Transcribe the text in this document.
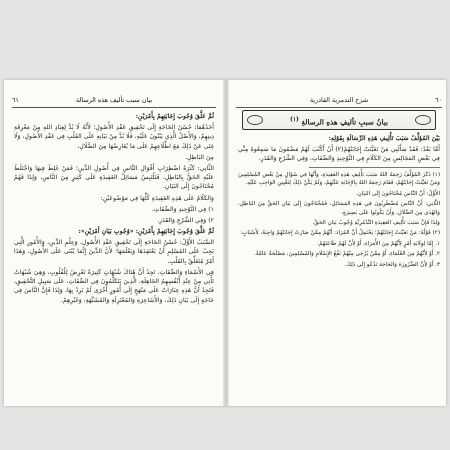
بيان سبب تأليف هذه الرسالة
٦١

ثُمَّ عَلَّقَ وُجُوبَ إِجَابَتِهِمْ بِأَمْرَيْنِ:

أَحَدُهُمَا: حُسْنُ الحَاجَةِ إِلَى تَحْقِيقِ عَقْدِ الأُصُولِ؛ لأَنَّهُ لَا بُدَّ لِعِبَادِ اللهِ مِنْ مَعْرِفَةِ دِينِهِمْ، وَالأَصْلُ الَّذِي يَبْنُونَ عَلَيْهِ، فَلَا بُدَّ مِنْ بَيَانِهِ عَلَى القَلْبِ فِي عَقْدِ الأُصُولِ، وَلَا غِنَى عَنْ ذَلِكَ مَعَ اطِّلَاعِهِمْ عَلَى مَا يُعَارِضُهَا مِنَ الضَّلَالِ،

مِنَ البَاطِلِ.

الثَّانِي: كَثْرَةُ اضْطِرَابِ أَقْوَالِ النَّاسِ فِي أُصُولِ الدِّينِ؛ فَمَنْ غَلِطَ فِيهَا وَاخْتَلَطَ عَلَيْهِ الحَقُّ بِالبَاطِلِ، فَتَلْتَبِسُ مَسَائِلُ العَقِيدَةِ عَلَى كَثِيرٍ مِنَ النَّاسِ، وَلِذَا فَهُمْ مُحْتَاجُونَ إِلَى البَيَانِ.

وَالكَلَامُ عَلَى هَذِهِ العَقِيدَةِ كُلِّهَا فِي مَوْضُوعَيْنِ:

١) فِي التَّوْحِيدِ وَالصِّفَاتِ.

٢) وَفِي الشَّرْعِ وَالقَدَرِ.

ثُمَّ عَلَّقَ وُجُوبَ إِجَابَتِهِمْ بِأَمْرَيْنِ: «وُجُوبِ بَيَانِ أَمْرَيْنِ»:

السَّبَبُ الأَوَّلُ: حُسْنُ الحَاجَةِ إِلَى تَحْقِيقِ عَقْدِ الأُصُولِ، وَعِلْمِ الدِّينِ، وَالأُمُورِ الَّتِي يَجِبُ عَلَى المُسْلِمِ أَنْ يَعْتَقِدَهَا وَيَعْلَمَهَا؛ لأَنَّ الدِّينَ إِنَّمَا يُبْنَى عَلَى الأُصُولِ، وَهَذَا أَمْرٌ مُتَعَلِّقٌ بِالقَلْبِ.

فِي الأَسْمَاءِ وَالصِّفَاتِ، تَجِدُ أَنَّ هُنَاكَ شُبُهَاتٍ كَثِيرَةً تَعْرِضُ لِلْقُلُوبِ، وَهِيَ شُبُهَاتٌ تَأْتِي مِنْ عِنْدِ أَنْفُسِهِمُ الجَاهِلَةِ، الَّذِينَ يَتَكَلَّمُونَ فِي الصِّفَاتِ، عَلَى سَبِيلِ التَّحْقِيقِ، فَتَجِدُ أَنَّ هَذِهِ عِبَارَاتٌ عَلَى مَنْهَجٍ إِلَى أُمُورٍ أُخْرَى لَمْ يَرِدْ بِهَا، وَلِذَا فَإِنَّ النَّاسَ فِي حَاجَةٍ إِلَى بَيَانِ ذَلِكَ، وَالأَشَاعِرَةِ وَالمُعْتَزِلَةِ وَالمُشَبِّهَةِ، وَغَيْرِهِمْ.

شرح التدمرية القادرية	٦٠
بيانُ سببِ تأليفِ هذهِ الرسالةِ $^{(١)}$

بَيْنَ المُؤَلِّفُ سَبَبَ تَأْلِيفِ هَذِهِ الرِّسَالَةِ بِقَوْلِهِ:

أَمَّا بَعْدُ: فَقَدْ سَأَلَنِي مَنْ تَعَيَّنَتْ إِجَابَتُهُمْ(٢) أَنْ أَكْتُبَ لَهُمْ مَضْمُونَ مَا سَمِعُوهُ مِنِّي فِي بَعْضِ المَجَالِسِ مِنَ الكَلَامِ فِي التَّوْحِيدِ وَالصِّفَاتِ، وَفِي الشَّرْعِ وَالقَدَرِ.

(١) ذَكَرَ المُؤَلِّفُ رَحِمَهُ اللهُ سَبَبَ تَأْلِيفِ هَذِهِ العَقِيدَةِ، وَأَنَّهَا فِي سُؤَالٍ مِنْ بَعْضِ المُسْلِمِينَ وَمَنْ تَعَيَّنَتْ إِجَابَتُهُمْ، فَقَامَ رَحِمَهُ اللهُ بِالإِجَابَةِ عَلَيْهِمْ، وَلَمْ يَكُنْ ذَلِكَ لِتَعْيِينِ الوَاجِبِ عَلَيْهِ.

الأَوَّلُ: أَنَّ النَّاسَ مُحْتَاجُونَ إِلَى البَيَانِ.

الثَّانِي: أَنَّ النَّاسَ مُضْطَرِبُونَ فِي هَذِهِ المَسَائِلِ، فَمُحْتَاجُونَ إِلَى بَيَانِ الحَقِّ مِنَ البَاطِلِ، وَالهُدَى مِنَ الضَّلَالِ، وَأَنْ يَكُونُوا عَلَى بَصِيرَةٍ.

وَلِذَا فَإِنَّ سَبَبَ تَأْلِيفِ العَقِيدَةِ التَّدْمُرِيَّةِ وُجُوبُ بَيَانِ الحَقِّ.

(٢) قَوْلُهُ: مَنْ تَعَيَّنَتْ إِجَابَتُهُمْ؛ يَحْتَمِلُ أَنَّ المُرَادَ: أَنَّهُمْ مِمَّنْ صَارَتْ إِجَابَتُهُمْ وَاجِبَةً، لِأَسْبَابٍ:

١. إِمَّا لِوِلَايَةِ أَمْرٍ لِأَنَّهُمْ مِنَ الأُمَرَاءِ، أَوْ لِأَنَّ لَهُمْ طَاعَتَهُمْ.

٢. أَوْ لِأَنَّهُمْ مِنَ العُلَمَاءِ، أَوْ مِمَّنْ يُرْجَى مِنْهُمْ نَفْعُ الإِسْلَامِ وَالمُسْلِمِينَ، مَصْلَحَةٌ عَامَّةٌ.

٣. أَوْ لِأَنَّ الضَّرُورَةَ وَالحَاجَةَ تَدْعُو إِلَى ذَلِكَ.
